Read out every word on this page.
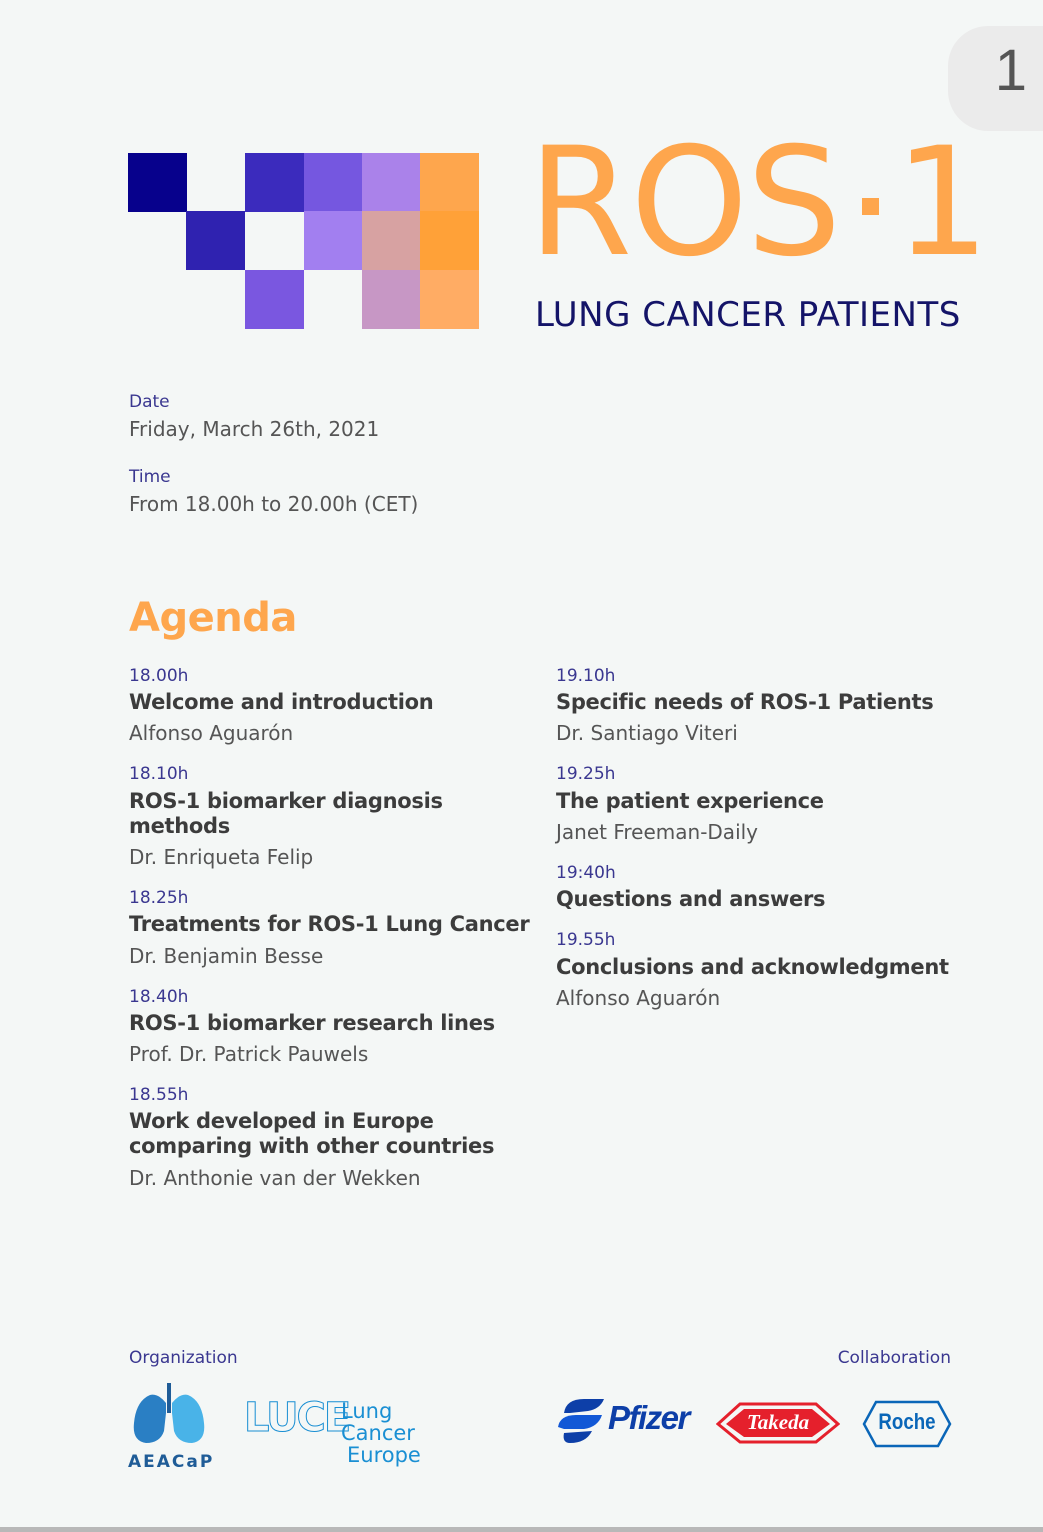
1
ROS 1
LUNG CANCER PATIENTS
Date
Friday, March 26th, 2021
Time
From 18.00h to 20.00h (CET)
Agenda
18.00h
Welcome and introduction
Alfonso Aguarón
18.10h
ROS-1 biomarker diagnosis methods
Dr. Enriqueta Felip
18.25h
Treatments for ROS-1 Lung Cancer
Dr. Benjamin Besse
18.40h
ROS-1 biomarker research lines
Prof. Dr. Patrick Pauwels
18.55h
Work developed in Europe comparing with other countries
Dr. Anthonie van der Wekken
19.10h
Specific needs of ROS-1 Patients
Dr. Santiago Viteri
19.25h
The patient experience
Janet Freeman-Daily
19:40h
Questions and answers
19.55h
Conclusions and acknowledgment
Alfonso Aguarón
Organization	Collaboration
AEACaP
LUCE
Lung Cancer
Europe
Pfizer	Takeda	Roche
